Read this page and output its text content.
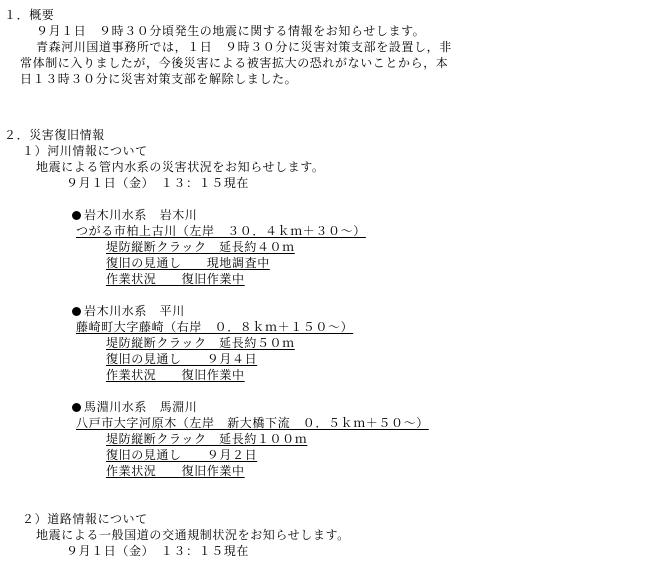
１．概要
９月１日　９時３０分頃発生の地震に関する情報をお知らせします。
青森河川国道事務所では，１日　９時３０分に災害対策支部を設置し，非
常体制に入りましたが，今後災害による被害拡大の恐れがないことから，本
日１３時３０分に災害対策支部を解除しました。
２．災害復旧情報
１）河川情報について
地震による管内水系の災害状況をお知らせします。
９月１日（金）　１３：１５現在
岩木川水系　岩木川
つがる市柏上古川（左岸　３０．４ｋｍ＋３０～）
堤防縦断クラック　延長約４０ｍ
復旧の見通し　　現地調査中
作業状況　　復旧作業中
岩木川水系　平川
藤崎町大字藤崎（右岸　０．８ｋｍ＋１５０～）
堤防縦断クラック　延長約５０ｍ
復旧の見通し　　９月４日
作業状況　　復旧作業中
馬淵川水系　馬淵川
八戸市大字河原木（左岸　新大橋下流　０．５ｋｍ＋５０～）
堤防縦断クラック　延長約１００ｍ
復旧の見通し　　９月２日
作業状況　　復旧作業中
２）道路情報について
地震による一般国道の交通規制状況をお知らせします。
９月１日（金）　１３：１５現在
